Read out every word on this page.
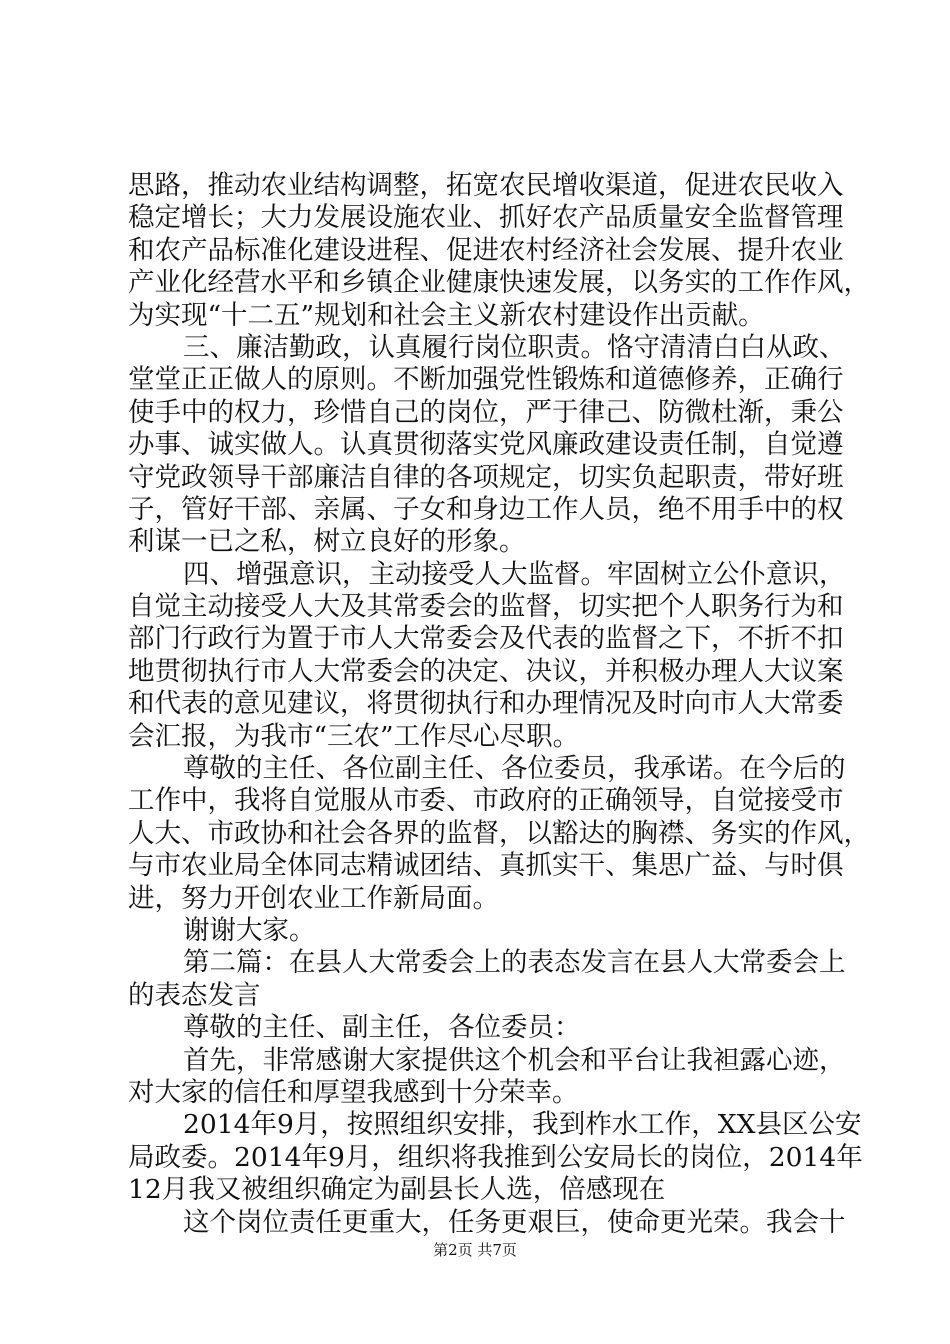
思路，推动农业结构调整，拓宽农民增收渠道，促进农民收入
稳定增长；大力发展设施农业、抓好农产品质量安全监督管理
和农产品标准化建设进程、促进农村经济社会发展、提升农业
产业化经营水平和乡镇企业健康快速发展，以务实的工作作风，
为实现“十二五”规划和社会主义新农村建设作出贡献。
三、廉洁勤政，认真履行岗位职责。恪守清清白白从政、
堂堂正正做人的原则。不断加强党性锻炼和道德修养，正确行
使手中的权力，珍惜自己的岗位，严于律己、防微杜渐，秉公
办事、诚实做人。认真贯彻落实党风廉政建设责任制，自觉遵
守党政领导干部廉洁自律的各项规定，切实负起职责，带好班
子，管好干部、亲属、子女和身边工作人员，绝不用手中的权
利谋一已之私，树立良好的形象。
四、增强意识，主动接受人大监督。牢固树立公仆意识，
自觉主动接受人大及其常委会的监督，切实把个人职务行为和
部门行政行为置于市人大常委会及代表的监督之下，不折不扣
地贯彻执行市人大常委会的决定、决议，并积极办理人大议案
和代表的意见建议，将贯彻执行和办理情况及时向市人大常委
会汇报，为我市“三农”工作尽心尽职。
尊敬的主任、各位副主任、各位委员，我承诺。在今后的
工作中，我将自觉服从市委、市政府的正确领导，自觉接受市
人大、市政协和社会各界的监督，以豁达的胸襟、务实的作风，
与市农业局全体同志精诚团结、真抓实干、集思广益、与时俱
进，努力开创农业工作新局面。
谢谢大家。
第二篇：在县人大常委会上的表态发言在县人大常委会上
的表态发言
尊敬的主任、副主任，各位委员：
首先，非常感谢大家提供这个机会和平台让我袒露心迹，
对大家的信任和厚望我感到十分荣幸。
2014年9月，按照组织安排，我到柞水工作，XX县区公安
局政委。2014年9月，组织将我推到公安局长的岗位，2014年
12月我又被组织确定为副县长人选，倍感现在
这个岗位责任更重大，任务更艰巨，使命更光荣。我会十
第2页 共7页
